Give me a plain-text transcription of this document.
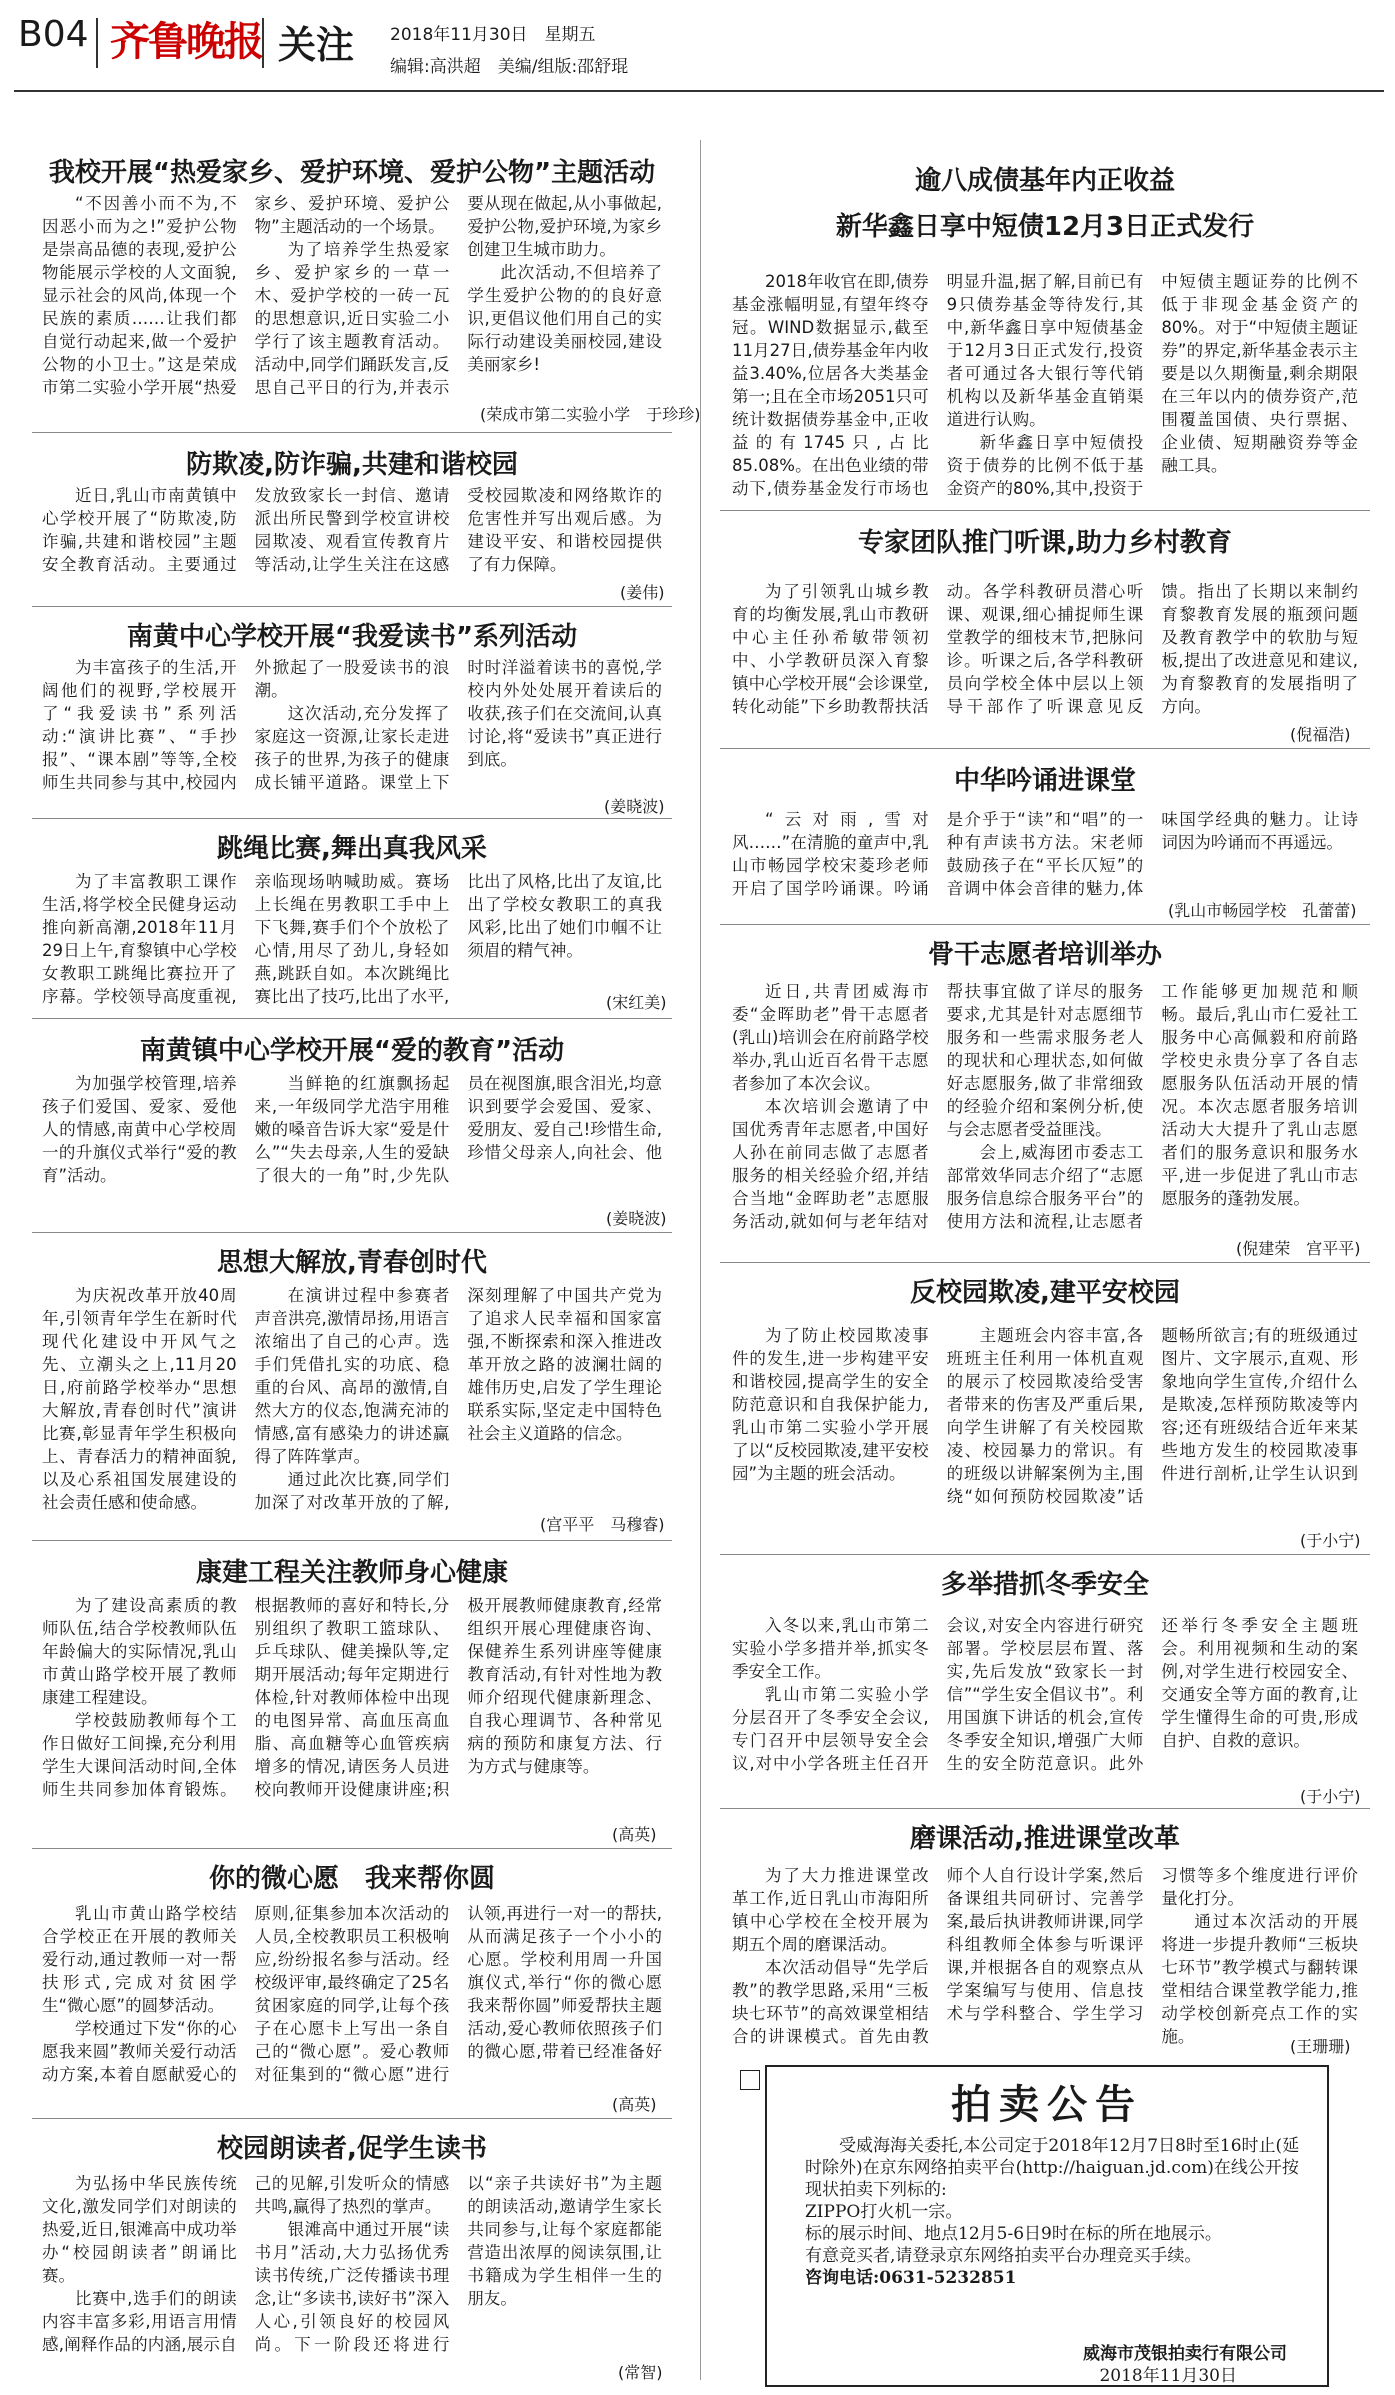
B04 齐鲁晚报 关注 2018年11月30日　星期五
编辑:高洪超　美编/组版:邵舒琨
我校开展“热爱家乡、爱护环境、爱护公物”主题活动

“不因善小而不为,不因恶小而为之!”爱护公物是崇高品德的表现,爱护公物能展示学校的人文面貌,显示社会的风尚,体现一个民族的素质……让我们都自觉行动起来,做一个爱护公物的小卫士。”这是荣成市第二实验小学开展“热爱家乡、爱护环境、爱护公物”主题活动的一个场景。

为了培养学生热爱家乡、爱护家乡的一草一木、爱护学校的一砖一瓦的思想意识,近日实验二小学行了该主题教育活动。活动中,同学们踊跃发言,反思自己平日的行为,并表示要从现在做起,从小事做起,爱护公物,爱护环境,为家乡创建卫生城市助力。

此次活动,不但培养了学生爱护公物的的良好意识,更倡议他们用自己的实际行动建设美丽校园,建设美丽家乡!

(荣成市第二实验小学　于珍珍)
防欺凌,防诈骗,共建和谐校园

近日,乳山市南黄镇中心学校开展了“防欺凌,防诈骗,共建和谐校园”主题安全教育活动。主要通过发放致家长一封信、邀请派出所民警到学校宣讲校园欺凌、观看宣传教育片等活动,让学生关注在这感受校园欺凌和网络欺诈的危害性并写出观后感。为建设平安、和谐校园提供了有力保障。

(姜伟)
南黄中心学校开展“我爱读书”系列活动

为丰富孩子的生活,开阔他们的视野,学校展开了“我爱读书”系列活动:“演讲比赛”、“手抄报”、“课本剧”等等,全校师生共同参与其中,校园内外掀起了一股爱读书的浪潮。

这次活动,充分发挥了家庭这一资源,让家长走进孩子的世界,为孩子的健康成长铺平道路。课堂上下时时洋溢着读书的喜悦,学校内外处处展开着读后的收获,孩子们在交流间,认真讨论,将“爱读书”真正进行到底。

(姜晓波)
跳绳比赛,舞出真我风采

为了丰富教职工课作生活,将学校全民健身运动推向新高潮,2018年11月29日上午,育黎镇中心学校女教职工跳绳比赛拉开了序幕。学校领导高度重视,亲临现场呐喊助威。赛场上长绳在男教职工手中上下飞舞,赛手们个个放松了心情,用尽了劲儿,身轻如燕,跳跃自如。本次跳绳比赛比出了技巧,比出了水平,比出了风格,比出了友谊,比出了学校女教职工的真我风彩,比出了她们巾帼不让须眉的精气神。

(宋红美)
南黄镇中心学校开展“爱的教育”活动

为加强学校管理,培养孩子们爱国、爱家、爱他人的情感,南黄中心学校周一的升旗仪式举行“爱的教育”活动。

当鲜艳的红旗飘扬起来,一年级同学尤浩宇用稚嫩的嗓音告诉大家“爱是什么”“失去母亲,人生的爱缺了很大的一角”时,少先队员在视图旗,眼含泪光,均意识到要学会爱国、爱家、爱朋友、爱自己!珍惜生命,珍惜父母亲人,向社会、他

(姜晓波)
思想大解放,青春创时代

为庆祝改革开放40周年,引领青年学生在新时代现代化建设中开风气之先、立潮头之上,11月20日,府前路学校举办“思想大解放,青春创时代”演讲比赛,彰显青年学生积极向上、青春活力的精神面貌,以及心系祖国发展建设的社会责任感和使命感。

在演讲过程中参赛者声音洪亮,激情昂扬,用语言浓缩出了自己的心声。选手们凭借扎实的功底、稳重的台风、高昂的激情,自然大方的仪态,饱满充沛的情感,富有感染力的讲述赢得了阵阵掌声。

通过此次比赛,同学们加深了对改革开放的了解,深刻理解了中国共产党为了追求人民幸福和国家富强,不断探索和深入推进改革开放之路的波澜壮阔的雄伟历史,启发了学生理论联系实际,坚定走中国特色社会主义道路的信念。

(宫平平　马穆睿)
康建工程关注教师身心健康

为了建设高素质的教师队伍,结合学校教师队伍年龄偏大的实际情况,乳山市黄山路学校开展了教师康建工程建设。

学校鼓励教师每个工作日做好工间操,充分利用学生大课间活动时间,全体师生共同参加体育锻炼。根据教师的喜好和特长,分别组织了教职工篮球队、乒乓球队、健美操队等,定期开展活动;每年定期进行体检,针对教师体检中出现的电图异常、高血压高血脂、高血糖等心血管疾病增多的情况,请医务人员进校向教师开设健康讲座;积极开展教师健康教育,经常组织开展心理健康咨询、保健养生系列讲座等健康教育活动,有针对性地为教师介绍现代健康新理念、自我心理调节、各种常见病的预防和康复方法、行为方式与健康等。

(高英)
你的微心愿　我来帮你圆

乳山市黄山路学校结合学校正在开展的教师关爱行动,通过教师一对一帮扶形式,完成对贫困学生“微心愿”的圆梦活动。

学校通过下发“你的心愿我来圆”教师关爱行动活动方案,本着自愿献爱心的原则,征集参加本次活动的人员,全校教职员工积极响应,纷纷报名参与活动。经校级评审,最终确定了25名贫困家庭的同学,让每个孩子在心愿卡上写出一条自己的“微心愿”。爱心教师对征集到的“微心愿”进行认领,再进行一对一的帮扶,从而满足孩子一个小小的心愿。学校利用周一升国旗仪式,举行“你的微心愿　我来帮你圆”师爱帮扶主题活动,爱心教师依照孩子们的微心愿,带着已经准备好

(高英)
校园朗读者,促学生读书

为弘扬中华民族传统文化,激发同学们对朗读的热爱,近日,银滩高中成功举办“校园朗读者”朗诵比赛。

比赛中,选手们的朗读内容丰富多彩,用语言用情感,阐释作品的内涵,展示自己的见解,引发听众的情感共鸣,赢得了热烈的掌声。

银滩高中通过开展“读书月”活动,大力弘扬优秀读书传统,广泛传播读书理念,让“多读书,读好书”深入人心,引领良好的校园风尚。下一阶段还将进行以“亲子共读好书”为主题的朗读活动,邀请学生家长共同参与,让每个家庭都能营造出浓厚的阅读氛围,让书籍成为学生相伴一生的朋友。

(常智)
逾八成债基年内正收益
新华鑫日享中短债12月3日正式发行

2018年收官在即,债券基金涨幅明显,有望年终夺冠。WIND数据显示,截至11月27日,债券基金年内收益3.40%,位居各大类基金第一;且在全市场2051只可统计数据债券基金中,正收益的有1745只,占比85.08%。在出色业绩的带动下,债券基金发行市场也明显升温,据了解,目前已有9只债券基金等待发行,其中,新华鑫日享中短债基金于12月3日正式发行,投资者可通过各大银行等代销机构以及新华基金直销渠道进行认购。

新华鑫日享中短债投资于债券的比例不低于基金资产的80%,其中,投资于中短债主题证券的比例不低于非现金基金资产的80%。对于“中短债主题证券”的界定,新华基金表示主要是以久期衡量,剩余期限在三年以内的债券资产,范围覆盖国债、央行票据、企业债、短期融资券等金融工具。

专家团队推门听课,助力乡村教育

为了引领乳山城乡教育的均衡发展,乳山市教研中心主任孙希敏带领初中、小学教研员深入育黎镇中心学校开展“会诊课堂,转化动能”下乡助教帮扶活动。各学科教研员潜心听课、观课,细心捕捉师生课堂教学的细枝末节,把脉问诊。听课之后,各学科教研员向学校全体中层以上领导干部作了听课意见反馈。指出了长期以来制约育黎教育发展的瓶颈问题及教育教学中的软肋与短板,提出了改进意见和建议,为育黎教育的发展指明了方向。

(倪福浩)
中华吟诵进课堂

“云对雨,雪对风……”在清脆的童声中,乳山市畅园学校宋菱珍老师开启了国学吟诵课。吟诵是介乎于“读”和“唱”的一种有声读书方法。宋老师鼓励孩子在“平长仄短”的音调中体会音律的魅力,体味国学经典的魅力。让诗词因为吟诵而不再遥远。

(乳山市畅园学校　孔蕾蕾)
骨干志愿者培训举办

近日,共青团威海市委“金晖助老”骨干志愿者(乳山)培训会在府前路学校举办,乳山近百名骨干志愿者参加了本次会议。

本次培训会邀请了中国优秀青年志愿者,中国好人孙在前同志做了志愿者服务的相关经验介绍,并结合当地“金晖助老”志愿服务活动,就如何与老年结对帮扶事宜做了详尽的服务要求,尤其是针对志愿细节服务和一些需求服务老人的现状和心理状态,如何做好志愿服务,做了非常细致的经验介绍和案例分析,使与会志愿者受益匪浅。

会上,威海团市委志工部常效华同志介绍了“志愿服务信息综合服务平台”的使用方法和流程,让志愿者工作能够更加规范和顺畅。最后,乳山市仁爱社工服务中心高佩毅和府前路学校史永贵分享了各自志愿服务队伍活动开展的情况。本次志愿者服务培训活动大大提升了乳山志愿者们的服务意识和服务水平,进一步促进了乳山市志愿服务的蓬勃发展。

(倪建荣　宫平平)
反校园欺凌,建平安校园

为了防止校园欺凌事件的发生,进一步构建平安和谐校园,提高学生的安全防范意识和自我保护能力,乳山市第二实验小学开展了以“反校园欺凌,建平安校园”为主题的班会活动。

主题班会内容丰富,各班班主任利用一体机直观的展示了校园欺凌给受害者带来的伤害及严重后果,向学生讲解了有关校园欺凌、校园暴力的常识。有的班级以讲解案例为主,围绕“如何预防校园欺凌”话题畅所欲言;有的班级通过图片、文字展示,直观、形象地向学生宣传,介绍什么是欺凌,怎样预防欺凌等内容;还有班级结合近年来某些地方发生的校园欺凌事件进行剖析,让学生认识到

(于小宁)
多举措抓冬季安全

入冬以来,乳山市第二实验小学多措并举,抓实冬季安全工作。

乳山市第二实验小学分层召开了冬季安全会议,专门召开中层领导安全会议,对中小学各班主任召开会议,对安全内容进行研究部署。学校层层布置、落实,先后发放“致家长一封信”“学生安全倡议书”。利用国旗下讲话的机会,宣传冬季安全知识,增强广大师生的安全防范意识。此外还举行冬季安全主题班会。利用视频和生动的案例,对学生进行校园安全、交通安全等方面的教育,让学生懂得生命的可贵,形成自护、自救的意识。

(于小宁)
磨课活动,推进课堂改革

为了大力推进课堂改革工作,近日乳山市海阳所镇中心学校在全校开展为期五个周的磨课活动。

本次活动倡导“先学后教”的教学思路,采用“三板块七环节”的高效课堂相结合的讲课模式。首先由教师个人自行设计学案,然后备课组共同研讨、完善学案,最后执讲教师讲课,同学科组教师全体参与听课评课,并根据各自的观察点从学案编写与使用、信息技术与学科整合、学生学习习惯等多个维度进行评价量化打分。

通过本次活动的开展将进一步提升教师“三板块七环节”教学模式与翻转课堂相结合课堂教学能力,推动学校创新亮点工作的实施。

(王珊珊)
拍卖公告

受威海海关委托,本公司定于2018年12月7日8时至16时止(延时除外)在京东网络拍卖平台(http://haiguan.jd.com)在线公开按现状拍卖下列标的:

ZIPPO打火机一宗。

标的展示时间、地点12月5-6日9时在标的所在地展示。

有意竞买者,请登录京东网络拍卖平台办理竞买手续。

咨询电话:0631-5232851

威海市茂银拍卖行有限公司
2018年11月30日
